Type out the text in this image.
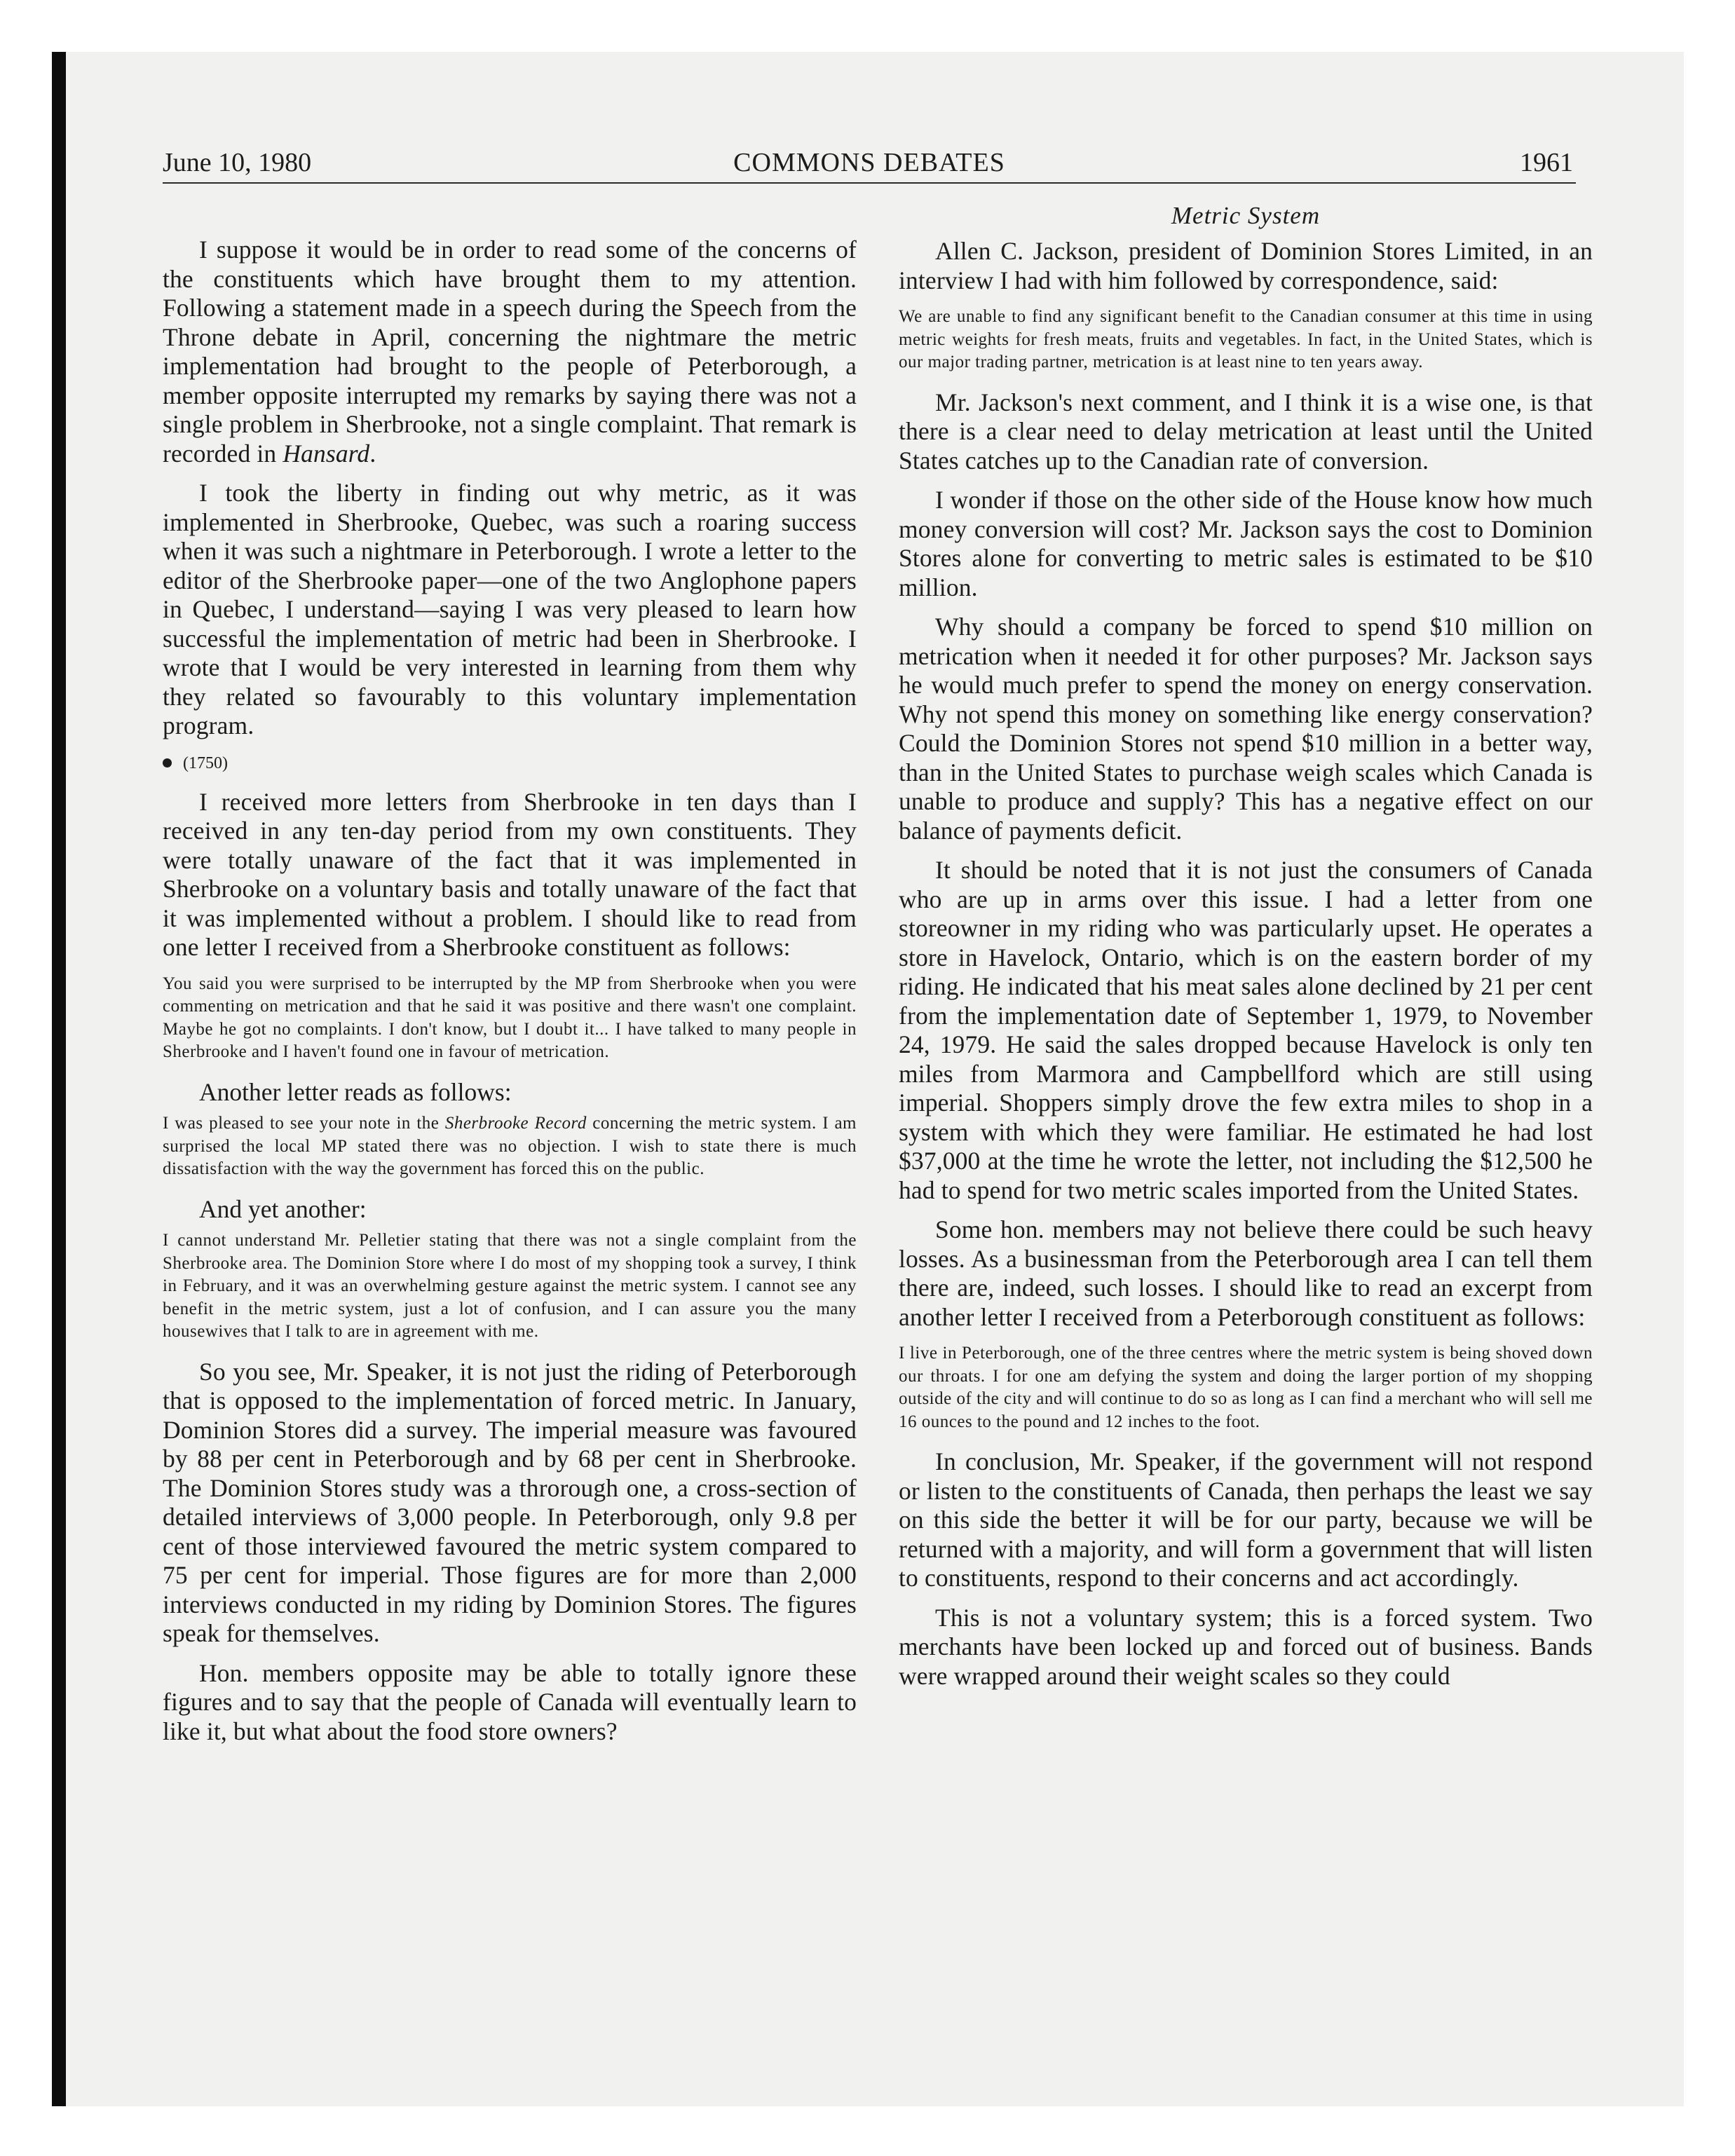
COMMONS DEBATES
June 10, 1980	1961

I suppose it would be in order to read some of the concerns of the constituents which have brought them to my attention. Following a statement made in a speech during the Speech from the Throne debate in April, concerning the nightmare the metric implementation had brought to the people of Peterborough, a member opposite interrupted my remarks by saying there was not a single problem in Sherbrooke, not a single complaint. That remark is recorded in Hansard.

I took the liberty in finding out why metric, as it was implemented in Sherbrooke, Quebec, was such a roaring success when it was such a nightmare in Peterborough. I wrote a letter to the editor of the Sherbrooke paper—one of the two Anglophone papers in Quebec, I understand—saying I was very pleased to learn how successful the implementation of metric had been in Sherbrooke. I wrote that I would be very interested in learning from them why they related so favourably to this voluntary implementation program.

(1750)

I received more letters from Sherbrooke in ten days than I received in any ten-day period from my own constituents. They were totally unaware of the fact that it was implemented in Sherbrooke on a voluntary basis and totally unaware of the fact that it was implemented without a problem. I should like to read from one letter I received from a Sherbrooke constituent as follows:

You said you were surprised to be interrupted by the MP from Sherbrooke when you were commenting on metrication and that he said it was positive and there wasn't one complaint. Maybe he got no complaints. I don't know, but I doubt it... I have talked to many people in Sherbrooke and I haven't found one in favour of metrication.

Another letter reads as follows:

I was pleased to see your note in the Sherbrooke Record concerning the metric system. I am surprised the local MP stated there was no objection. I wish to state there is much dissatisfaction with the way the government has forced this on the public.

And yet another:

I cannot understand Mr. Pelletier stating that there was not a single complaint from the Sherbrooke area. The Dominion Store where I do most of my shopping took a survey, I think in February, and it was an overwhelming gesture against the metric system. I cannot see any benefit in the metric system, just a lot of confusion, and I can assure you the many housewives that I talk to are in agreement with me.

So you see, Mr. Speaker, it is not just the riding of Peterborough that is opposed to the implementation of forced metric. In January, Dominion Stores did a survey. The imperial measure was favoured by 88 per cent in Peterborough and by 68 per cent in Sherbrooke. The Dominion Stores study was a throrough one, a cross-section of detailed interviews of 3,000 people. In Peterborough, only 9.8 per cent of those interviewed favoured the metric system compared to 75 per cent for imperial. Those figures are for more than 2,000 interviews conducted in my riding by Dominion Stores. The figures speak for themselves.

Hon. members opposite may be able to totally ignore these figures and to say that the people of Canada will eventually learn to like it, but what about the food store owners?

Metric System

Allen C. Jackson, president of Dominion Stores Limited, in an interview I had with him followed by correspondence, said:

We are unable to find any significant benefit to the Canadian consumer at this time in using metric weights for fresh meats, fruits and vegetables. In fact, in the United States, which is our major trading partner, metrication is at least nine to ten years away.

Mr. Jackson's next comment, and I think it is a wise one, is that there is a clear need to delay metrication at least until the United States catches up to the Canadian rate of conversion.

I wonder if those on the other side of the House know how much money conversion will cost? Mr. Jackson says the cost to Dominion Stores alone for converting to metric sales is estimated to be $10 million.

Why should a company be forced to spend $10 million on metrication when it needed it for other purposes? Mr. Jackson says he would much prefer to spend the money on energy conservation. Why not spend this money on something like energy conservation? Could the Dominion Stores not spend $10 million in a better way, than in the United States to purchase weigh scales which Canada is unable to produce and supply? This has a negative effect on our balance of payments deficit.

It should be noted that it is not just the consumers of Canada who are up in arms over this issue. I had a letter from one storeowner in my riding who was particularly upset. He operates a store in Havelock, Ontario, which is on the eastern border of my riding. He indicated that his meat sales alone declined by 21 per cent from the implementation date of September 1, 1979, to November 24, 1979. He said the sales dropped because Havelock is only ten miles from Marmora and Campbellford which are still using imperial. Shoppers simply drove the few extra miles to shop in a system with which they were familiar. He estimated he had lost $37,000 at the time he wrote the letter, not including the $12,500 he had to spend for two metric scales imported from the United States.

Some hon. members may not believe there could be such heavy losses. As a businessman from the Peterborough area I can tell them there are, indeed, such losses. I should like to read an excerpt from another letter I received from a Peterborough constituent as follows:

I live in Peterborough, one of the three centres where the metric system is being shoved down our throats. I for one am defying the system and doing the larger portion of my shopping outside of the city and will continue to do so as long as I can find a merchant who will sell me 16 ounces to the pound and 12 inches to the foot.

In conclusion, Mr. Speaker, if the government will not respond or listen to the constituents of Canada, then perhaps the least we say on this side the better it will be for our party, because we will be returned with a majority, and will form a government that will listen to constituents, respond to their concerns and act accordingly.

This is not a voluntary system; this is a forced system. Two merchants have been locked up and forced out of business. Bands were wrapped around their weight scales so they could
